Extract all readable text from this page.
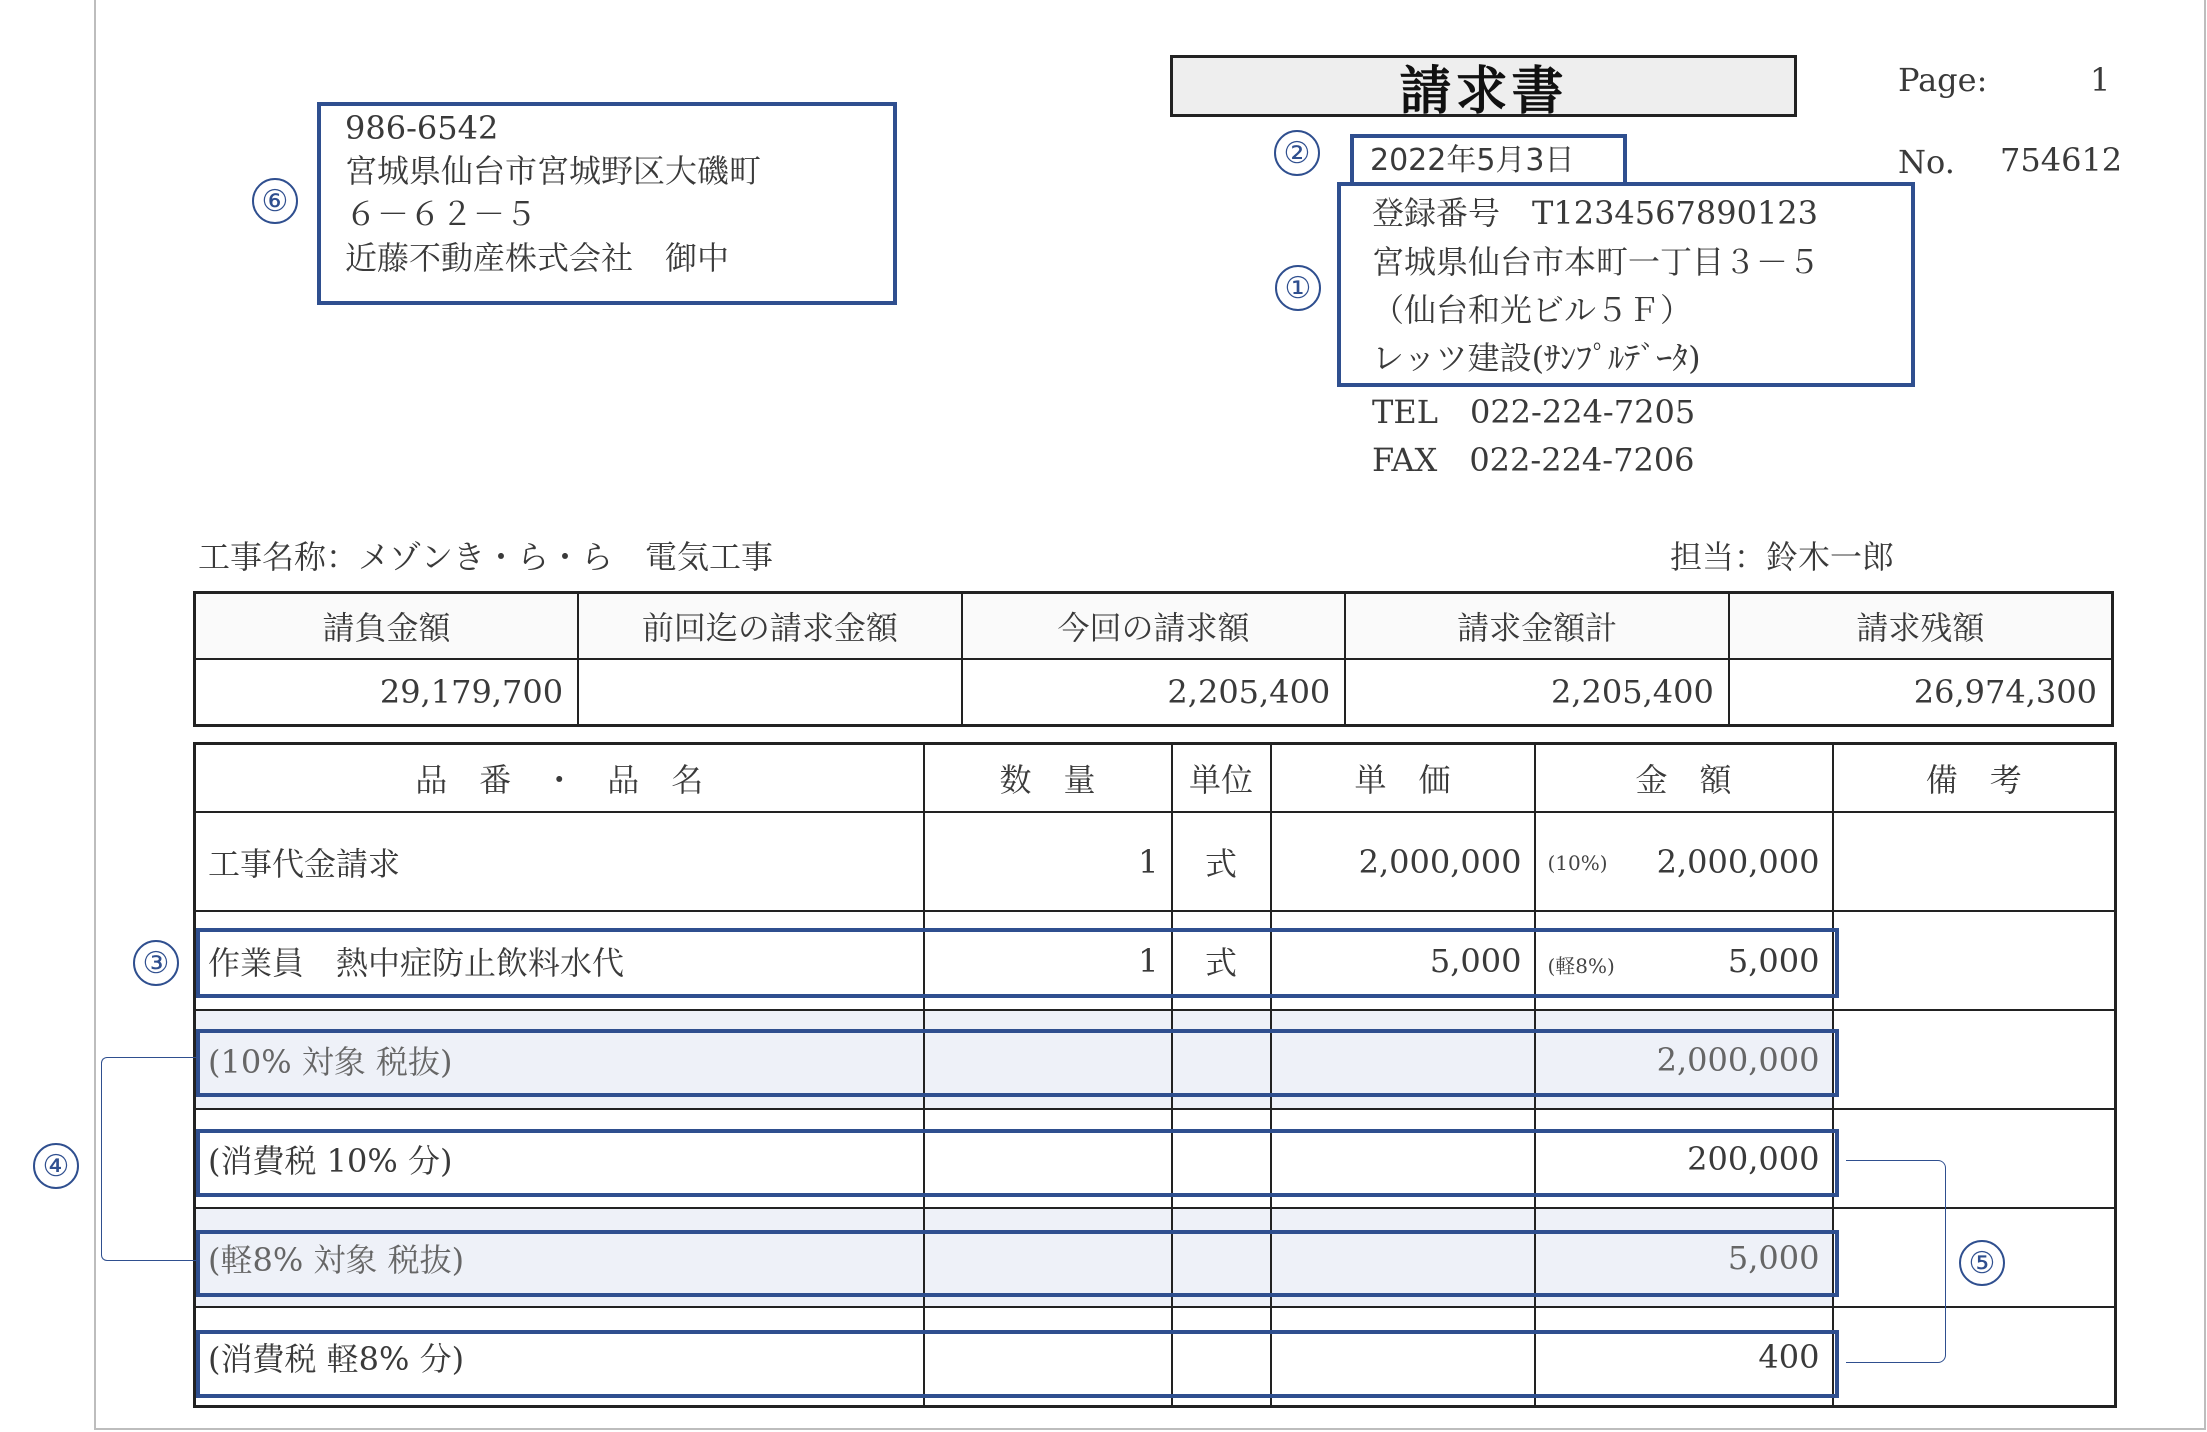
請求書	Page:	1
No. 754612
986-6542
宮城県仙台市宮城野区大磯町
６－６２－５
近藤不動産株式会社　御中
⑥
2022年5月3日
②
登録番号　T1234567890123
宮城県仙台市本町一丁目３－５
（仙台和光ビル５Ｆ）
レッツ建設(ｻﾝﾌﾟﾙﾃﾞｰﾀ)
TEL　022-224-7205
FAX　022-224-7206
①
工事名称：メゾンき・ら・ら　電気工事	担当：鈴木一郎
請負金額	前回迄の請求金額	今回の請求額	請求金額計	請求残額
29,179,700		2,205,400	2,205,400	26,974,300
品　番　・　品　名	数　量	単位	単　価	金　額	備　考
工事代金請求	1	式	2,000,000	(10%) 2,000,000	
作業員　熱中症防止飲料水代	1	式	5,000	(軽8%) 5,000	
(10% 対象 税抜)				2,000,000	
(消費税 10% 分)				200,000	
(軽8% 対象 税抜)				5,000	
(消費税 軽8% 分)				400	
③
④
⑤
